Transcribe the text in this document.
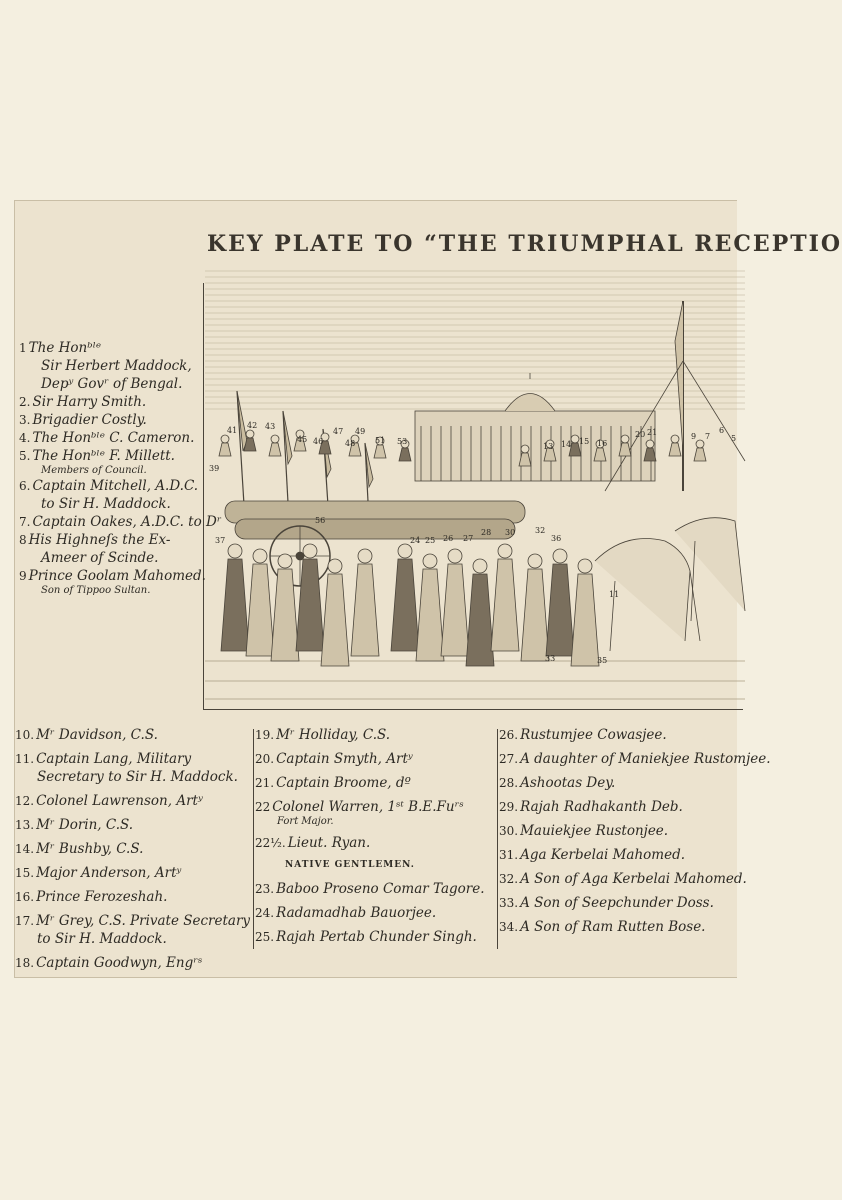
KEY PLATE TO “THE TRIUMPHAL RECEPTIO
41
42 43
45 46
47
48
49
51 53
39
13 14 15 16
20 21	9 7
6
5
56
25
24	26 27
28 30 32
36
11
33	35
37
1 The Honᵇˡᵉ
Sir Herbert Maddock,
Depʸ Govʳ of Bengal.
2. Sir Harry Smith.
3. Brigadier Costly.
4. The Honᵇˡᵉ C. Cameron.
5. The Honᵇˡᵉ F. Millett.
Members of Council.
6. Captain Mitchell, A.D.C.
to Sir H. Maddock.
7. Captain Oakes, A.D.C. to Dʳ
8 His Highneſs the Ex-
Ameer of Scinde.
9 Prince Goolam Mahomed.
Son of Tippoo Sultan.
10. Mʳ Davidson, C.S.
11. Captain Lang, Military
Secretary to Sir H. Maddock.
12. Colonel Lawrenson, Artʸ
13. Mʳ Dorin, C.S.
14. Mʳ Bushby, C.S.
15. Major Anderson, Artʸ
16. Prince Ferozeshah.
17. Mʳ Grey, C.S. Private Secretary
to Sir H. Maddock.
18. Captain Goodwyn, Engʳˢ
19. Mʳ Holliday, C.S.
20. Captain Smyth, Artʸ
21. Captain Broome, dº
22 Colonel Warren, 1ˢᵗ B.E.Fuʳˢ
Fort Major.
22½. Lieut. Ryan.
NATIVE GENTLEMEN.
23. Baboo Proseno Comar Tagore.
24. Radamadhab Bauorjee.
25. Rajah Pertab Chunder Singh.
26. Rustumjee Cowasjee.
27. A daughter of Maniekjee Rustomjee.
28. Ashootas Dey.
29. Rajah Radhakanth Deb.
30. Mauiekjee Rustonjee.
31. Aga Kerbelai Mahomed.
32. A Son of Aga Kerbelai Mahomed.
33. A Son of Seepchunder Doss.
34. A Son of Ram Rutten Bose.
